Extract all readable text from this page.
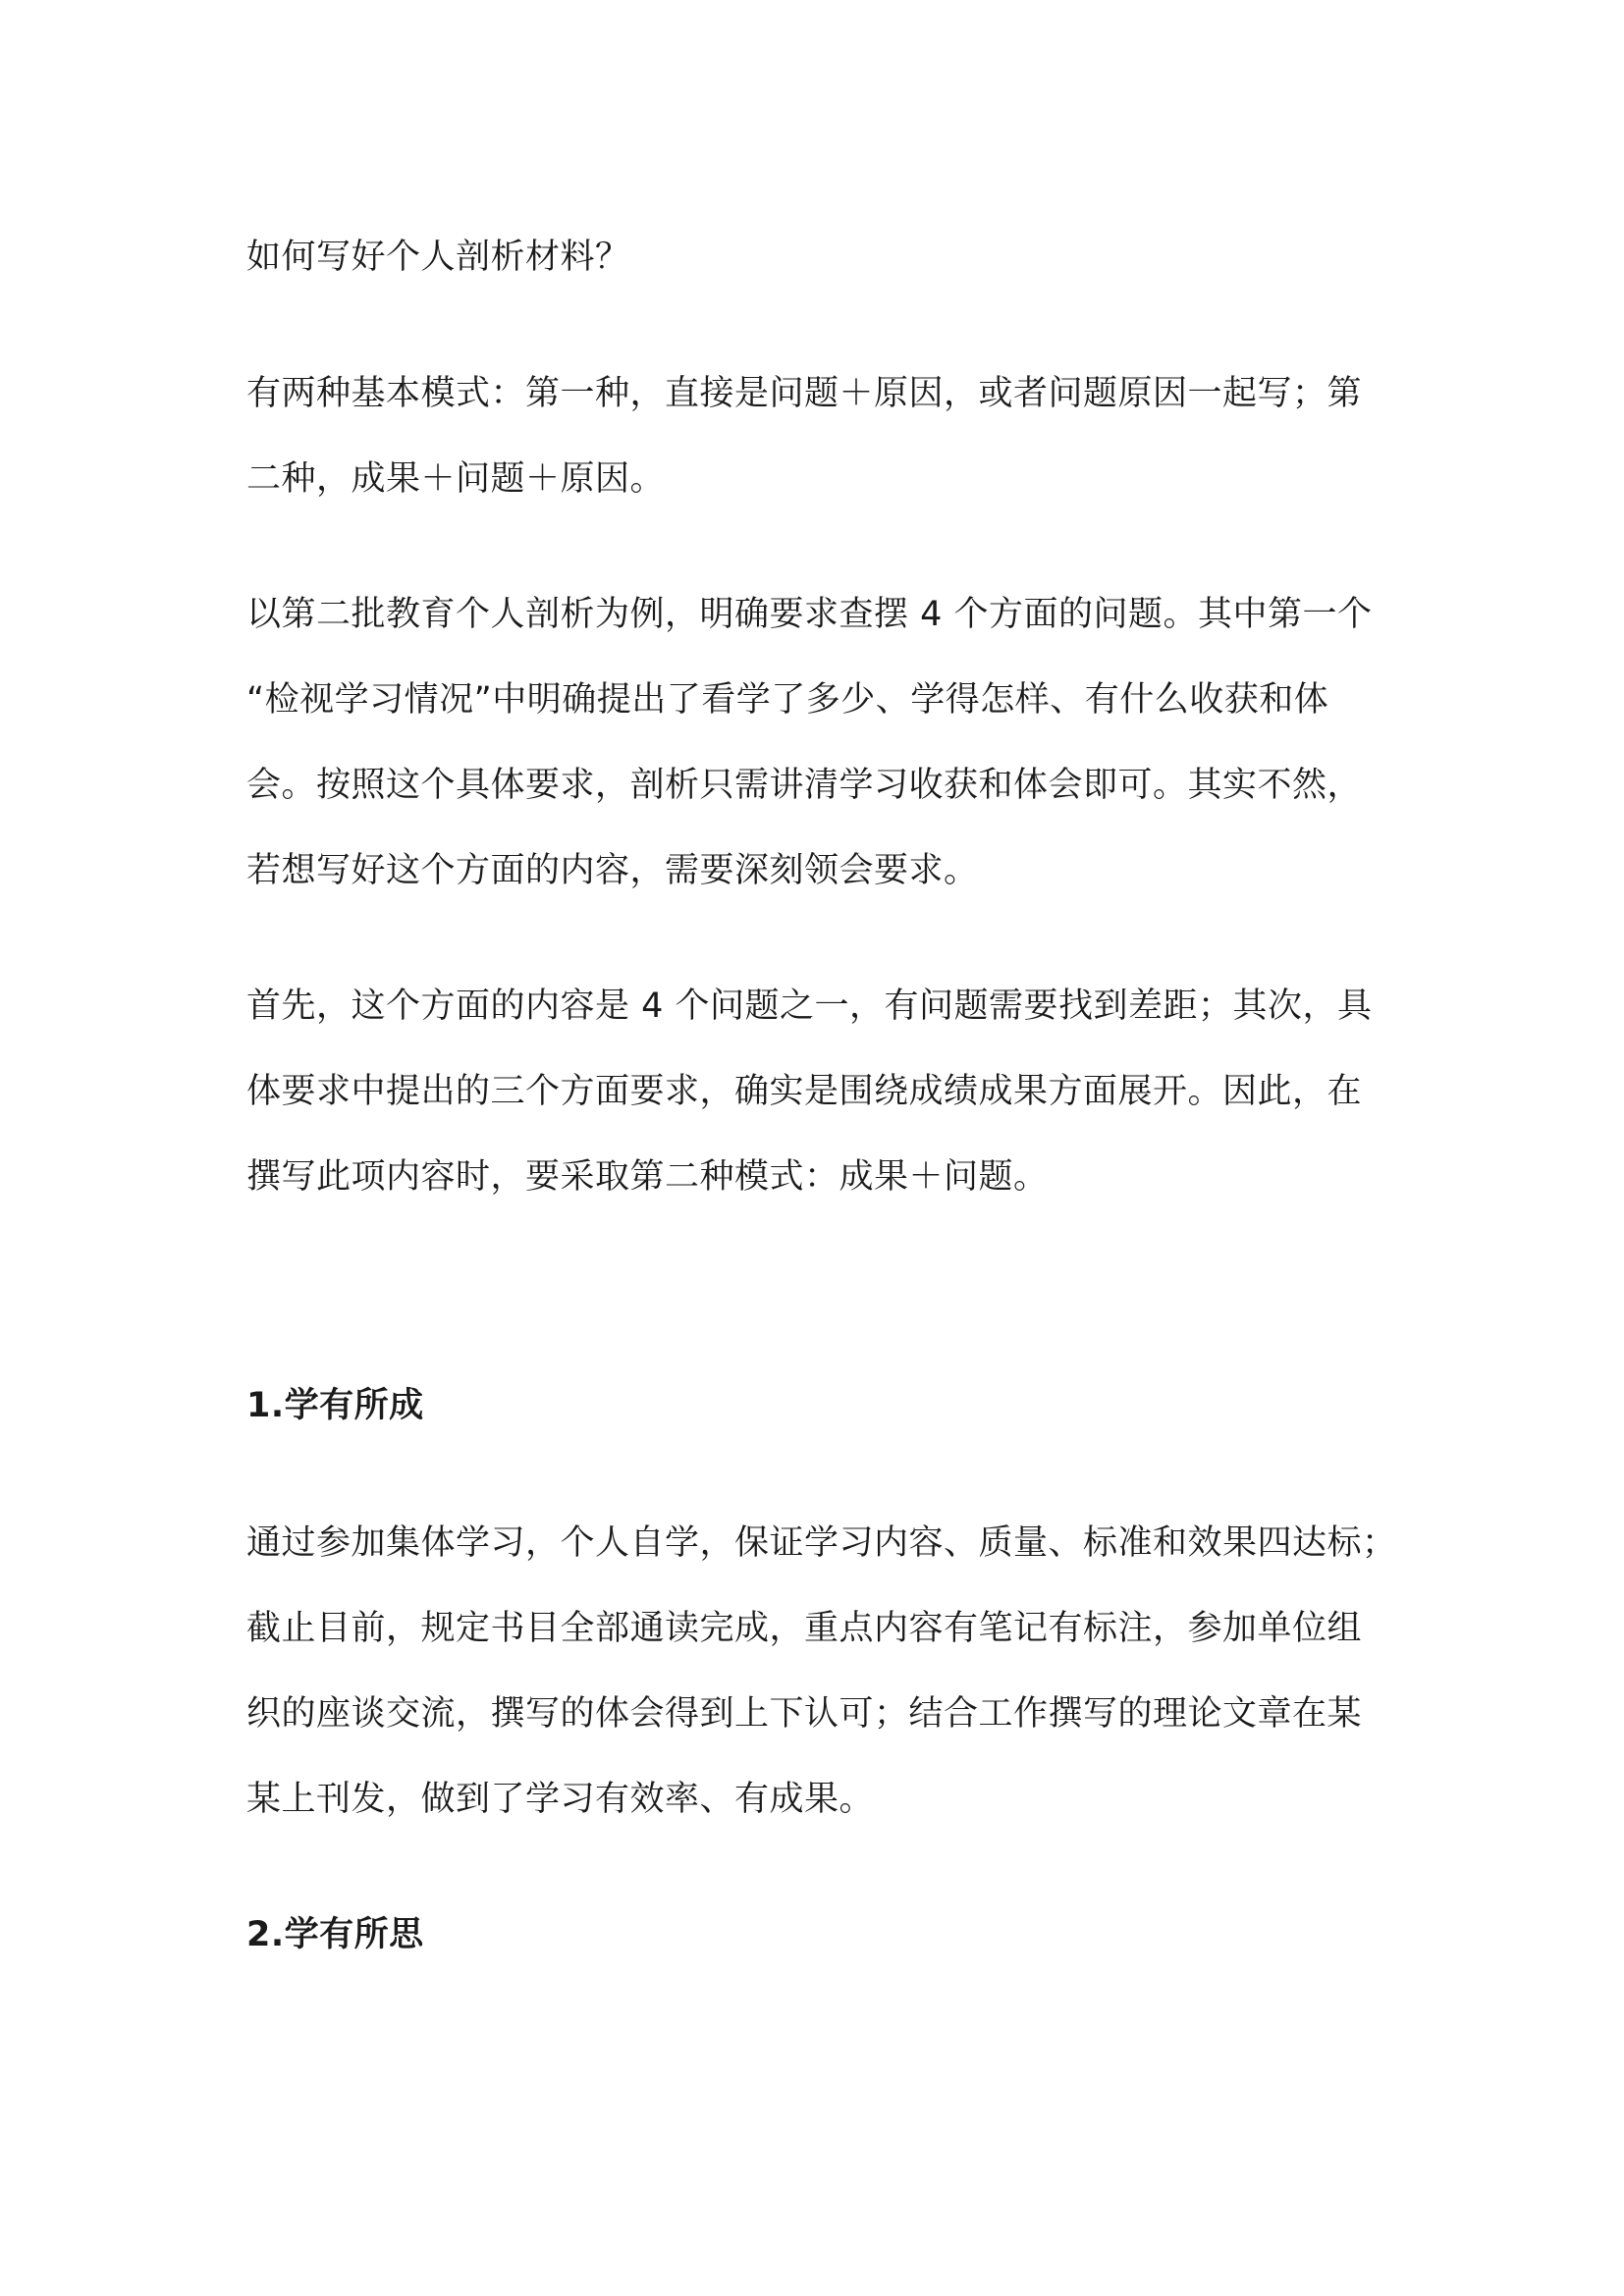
如何写好个人剖析材料？
有两种基本模式：第一种，直接是问题＋原因，或者问题原因一起写；第
二种，成果＋问题＋原因。
以第二批教育个人剖析为例，明确要求查摆 4 个方面的问题。其中第一个
“检视学习情况”中明确提出了看学了多少、学得怎样、有什么收获和体
会。按照这个具体要求，剖析只需讲清学习收获和体会即可。其实不然，
若想写好这个方面的内容，需要深刻领会要求。
首先，这个方面的内容是 4 个问题之一，有问题需要找到差距；其次，具
体要求中提出的三个方面要求，确实是围绕成绩成果方面展开。因此，在
撰写此项内容时，要采取第二种模式：成果＋问题。
1.学有所成
通过参加集体学习，个人自学，保证学习内容、质量、标准和效果四达标；
截止目前，规定书目全部通读完成，重点内容有笔记有标注，参加单位组
织的座谈交流，撰写的体会得到上下认可；结合工作撰写的理论文章在某
某上刊发，做到了学习有效率、有成果。
2.学有所思
